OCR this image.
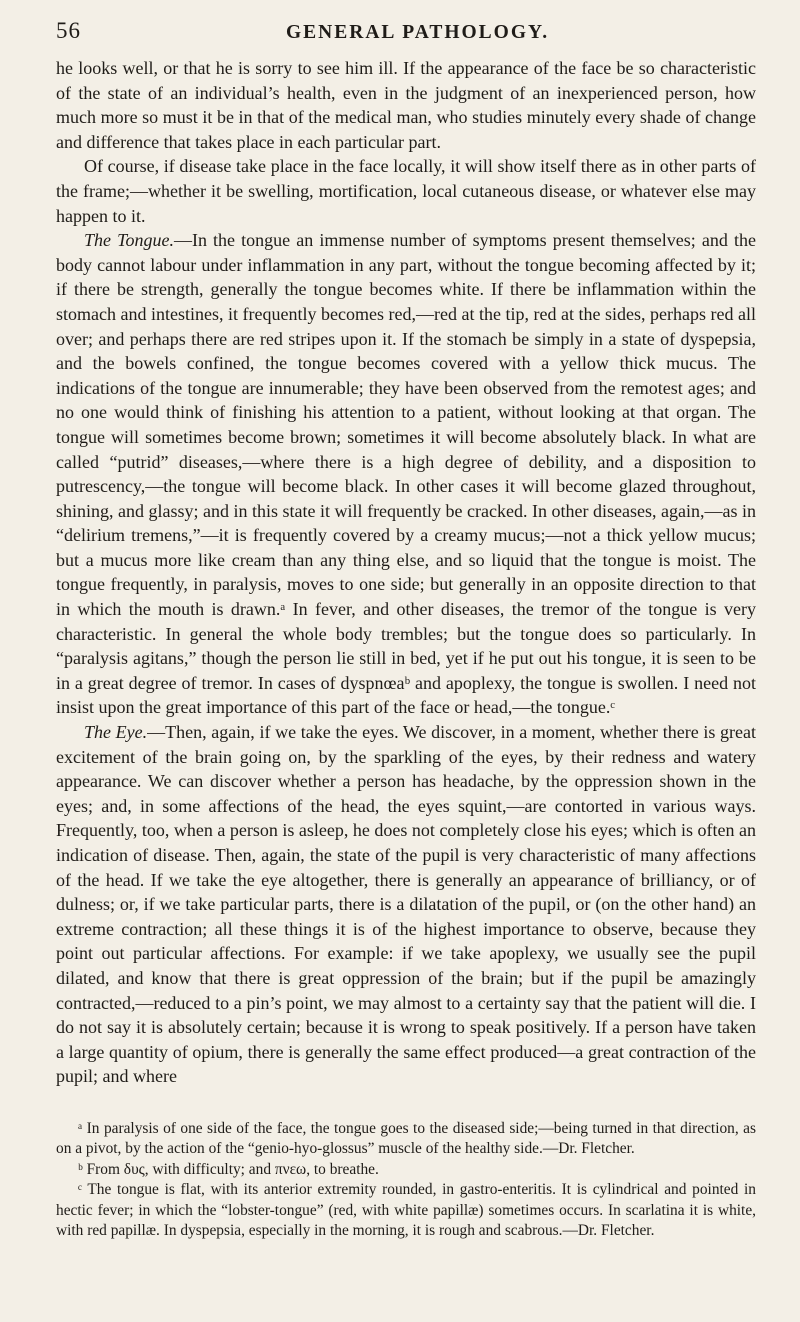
56	GENERAL PATHOLOGY.

he looks well, or that he is sorry to see him ill. If the appearance of the face be so characteristic of the state of an individual’s health, even in the judgment of an inexperienced person, how much more so must it be in that of the medical man, who studies minutely every shade of change and difference that takes place in each particular part.

Of course, if disease take place in the face locally, it will show itself there as in other parts of the frame;—whether it be swelling, mortification, local cutaneous disease, or whatever else may happen to it.

The Tongue.—In the tongue an immense number of symptoms present themselves; and the body cannot labour under inflammation in any part, without the tongue becoming affected by it; if there be strength, generally the tongue becomes white. If there be inflammation within the stomach and intestines, it frequently becomes red,—red at the tip, red at the sides, perhaps red all over; and perhaps there are red stripes upon it. If the stomach be simply in a state of dyspepsia, and the bowels confined, the tongue becomes covered with a yellow thick mucus. The indications of the tongue are innumerable; they have been observed from the remotest ages; and no one would think of finishing his attention to a patient, without looking at that organ. The tongue will sometimes become brown; sometimes it will become absolutely black. In what are called “putrid” diseases,—where there is a high degree of debility, and a disposition to putrescency,—the tongue will become black. In other cases it will become glazed throughout, shining, and glassy; and in this state it will frequently be cracked. In other diseases, again,—as in “delirium tremens,”—it is frequently covered by a creamy mucus;—not a thick yellow mucus; but a mucus more like cream than any thing else, and so liquid that the tongue is moist. The tongue frequently, in paralysis, moves to one side; but generally in an opposite direction to that in which the mouth is drawn.ᵃ In fever, and other diseases, the tremor of the tongue is very characteristic. In general the whole body trembles; but the tongue does so particularly. In “paralysis agitans,” though the person lie still in bed, yet if he put out his tongue, it is seen to be in a great degree of tremor. In cases of dyspnœaᵇ and apoplexy, the tongue is swollen. I need not insist upon the great importance of this part of the face or head,—the tongue.ᶜ

The Eye.—Then, again, if we take the eyes. We discover, in a moment, whether there is great excitement of the brain going on, by the sparkling of the eyes, by their redness and watery appearance. We can discover whether a person has headache, by the oppression shown in the eyes; and, in some affections of the head, the eyes squint,—are contorted in various ways. Frequently, too, when a person is asleep, he does not completely close his eyes; which is often an indication of disease. Then, again, the state of the pupil is very characteristic of many affections of the head. If we take the eye altogether, there is generally an appearance of brilliancy, or of dulness; or, if we take particular parts, there is a dilatation of the pupil, or (on the other hand) an extreme contraction; all these things it is of the highest importance to observe, because they point out particular affections. For example: if we take apoplexy, we usually see the pupil dilated, and know that there is great oppression of the brain; but if the pupil be amazingly contracted,—reduced to a pin’s point, we may almost to a certainty say that the patient will die. I do not say it is absolutely certain; because it is wrong to speak positively. If a person have taken a large quantity of opium, there is generally the same effect produced—a great contraction of the pupil; and where

ᵃ In paralysis of one side of the face, the tongue goes to the diseased side;—being turned in that direction, as on a pivot, by the action of the “genio-hyo-glossus” muscle of the healthy side.—Dr. Fletcher.

ᵇ From δυς, with difficulty; and πνεω, to breathe.

ᶜ The tongue is flat, with its anterior extremity rounded, in gastro-enteritis. It is cylindrical and pointed in hectic fever; in which the “lobster-tongue” (red, with white papillæ) sometimes occurs. In scarlatina it is white, with red papillæ. In dyspepsia, especially in the morning, it is rough and scabrous.—Dr. Fletcher.
